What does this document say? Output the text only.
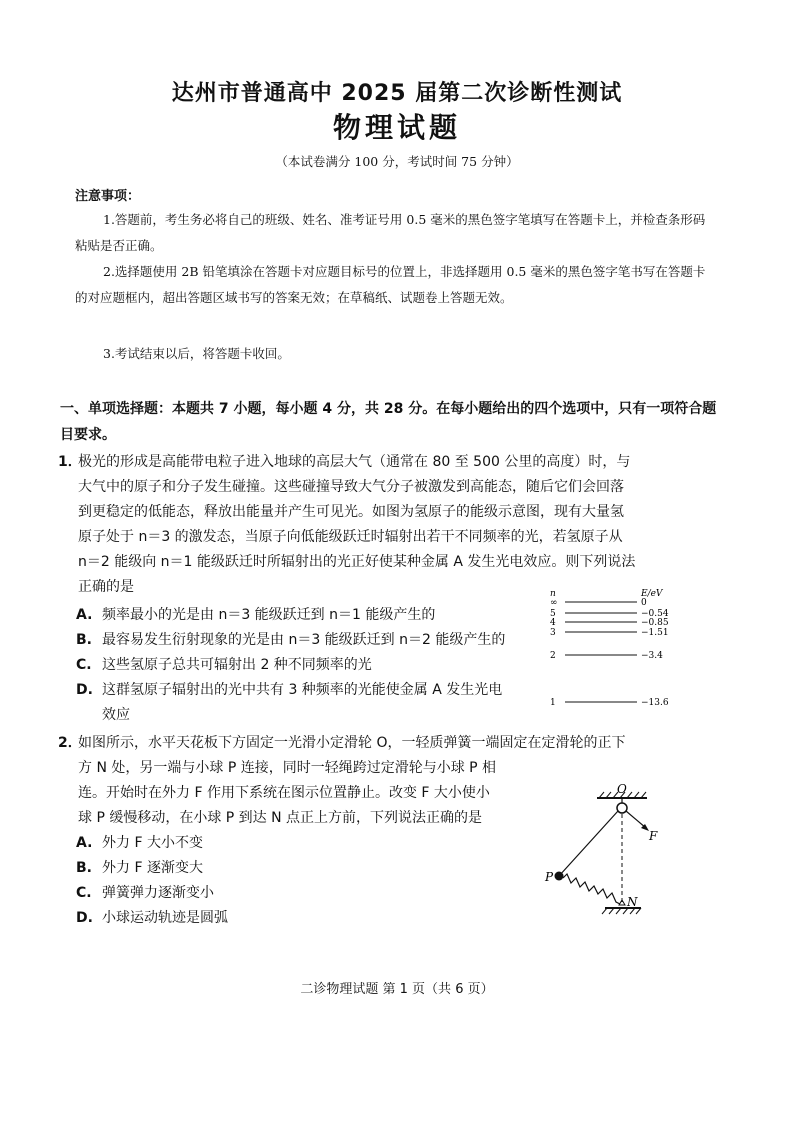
达州市普通高中 2025 届第二次诊断性测试
物理试题
（本试卷满分 100 分，考试时间 75 分钟）
注意事项：
1.答题前，考生务必将自己的班级、姓名、准考证号用 0.5 毫米的黑色签字笔填写在答题卡上，并检查条形码粘贴是否正确。
2.选择题使用 2B 铅笔填涂在答题卡对应题目标号的位置上，非选择题用 0.5 毫米的黑色签字笔书写在答题卡的对应题框内，超出答题区域书写的答案无效；在草稿纸、试题卷上答题无效。
3.考试结束以后，将答题卡收回。
一、单项选择题：本题共 7 小题，每小题 4 分，共 28 分。在每小题给出的四个选项中，只有一项符合题目要求。
1．
极光的形成是高能带电粒子进入地球的高层大气（通常在 80 至 500 公里的高度）时，与
大气中的原子和分子发生碰撞。这些碰撞导致大气分子被激发到高能态，随后它们会回落
到更稳定的低能态，释放出能量并产生可见光。如图为氢原子的能级示意图，现有大量氢
原子处于 n＝3 的激发态，当原子向低能级跃迁时辐射出若干不同频率的光，若氢原子从
n＝2 能级向 n＝1 能级跃迁时所辐射出的光正好使某种金属 A 发生光电效应。则下列说法
正确的是
A. 频率最小的光是由 n＝3 能级跃迁到 n＝1 能级产生的
B. 最容易发生衍射现象的光是由 n＝3 能级跃迁到 n＝2 能级产生的
C. 这些氢原子总共可辐射出 2 种不同频率的光
D. 这群氢原子辐射出的光中共有 3 种频率的光能使金属 A 发生光电
效应
n	E/eV
∞	0
5	−0.54
4	−0.85
3	−1.51
2	−3.4
1	−13.6
2．
如图所示，水平天花板下方固定一光滑小定滑轮 O，一轻质弹簧一端固定在定滑轮的正下
方 N 处，另一端与小球 P 连接，同时一轻绳跨过定滑轮与小球 P 相
连。开始时在外力 F 作用下系统在图示位置静止。改变 F 大小使小
球 P 缓慢移动，在小球 P 到达 N 点正上方前，下列说法正确的是
A. 外力 F 大小不变
B. 外力 F 逐渐变大
C. 弹簧弹力逐渐变小
D. 小球运动轨迹是圆弧
O
F
P
N
二诊物理试题 第 1 页（共 6 页）
